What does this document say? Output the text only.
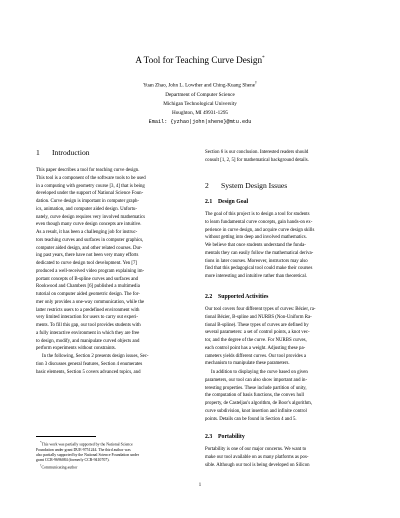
A Tool for Teaching Curve Design*
Yuan Zhao, John L. Lowther and Ching-Kuang Shene†
Department of Computer Science
Michigan Technological University
Houghton, MI 49931-1295
Email: {yzhao|john|shene}@mtu.edu
1 Introduction
This paper describes a tool for teaching curve design.
This tool is a component of the software tools to be used
in a computing with geometry course [3, 4] that is being
developed under the support of National Science Foun-
dation. Curve design is important in computer graph-
ics, animation, and computer aided design. Unfortu-
nately, curve design requires very involved mathematics
even though many curve design concepts are intuitive.
As a result, it has been a challenging job for instruc-
tors teaching curves and surfaces in computer graphics,
computer aided design, and other related courses. Dur-
ing past years, there have not been very many efforts
dedicated to curve design tool development. Yen [7]
produced a well-received video program explaining im-
portant concepts of B-spline curves and surfaces and
Rookwood and Chambers [6] published a multimedia
tutorial on computer aided geometric design. The for-
mer only provides a one-way communication, while the
latter restricts users to a predefined environment with
very limited interaction for users to carry out experi-
ments. To fill this gap, our tool provides students with
a fully interactive environment in which they are free
to design, modify, and manipulate curved objects and
perform experiments without constraints.
In the following, Section 2 presents design issues, Sec-
tion 3 discusses general features, Section 4 enumerates
basic elements, Section 5 covers advanced topics, and
*This work was partially supported by the National Science
Foundation under grant DUE-9751244. The third author was
also partially supported by the National Science Foundation under
grant CCR-9696084 (formerly CCR-9410707).
†Communicating author
Section 6 is our conclusion. Interested readers should
consult [1, 2, 5] for mathematical background details.
2 System Design Issues
2.1 Design Goal
The goal of this project is to design a tool for students
to learn fundamental curve concepts, gain hands-on ex-
perience in curve design, and acquire curve design skills
without getting into deep and involved mathematics.
We believe that once students understand the funda-
mentals they can easily follow the mathematical deriva-
tions in later courses. Moreover, instructors may also
find that this pedagogical tool could make their courses
more interesting and intuitive rather than theoretical.
2.2 Supported Activities
Our tool covers four different types of curves: Bézier, ra-
tional Bézier, B-spline and NURBS (Non-Uniform Ra-
tional B-spline). These types of curves are defined by
several parameters: a set of control points, a knot vec-
tor, and the degree of the curve. For NURBS curves,
each control point has a weight. Adjusting these pa-
rameters yields different curves. Our tool provides a
mechanism to manipulate these parameters.
In addition to displaying the curve based on given
parameters, our tool can also show important and in-
teresting properties. These include partition of unity,
the computation of basis functions, the convex hull
property, de Casteljau's algorithm, de Boor's algorithm,
curve subdivision, knot insertion and infinite control
points. Details can be found in Section 4 and 5.
2.3 Portability
Portability is one of our major concerns. We want to
make our tool available on as many platforms as pos-
sible. Although our tool is being developed on Silicon
1
